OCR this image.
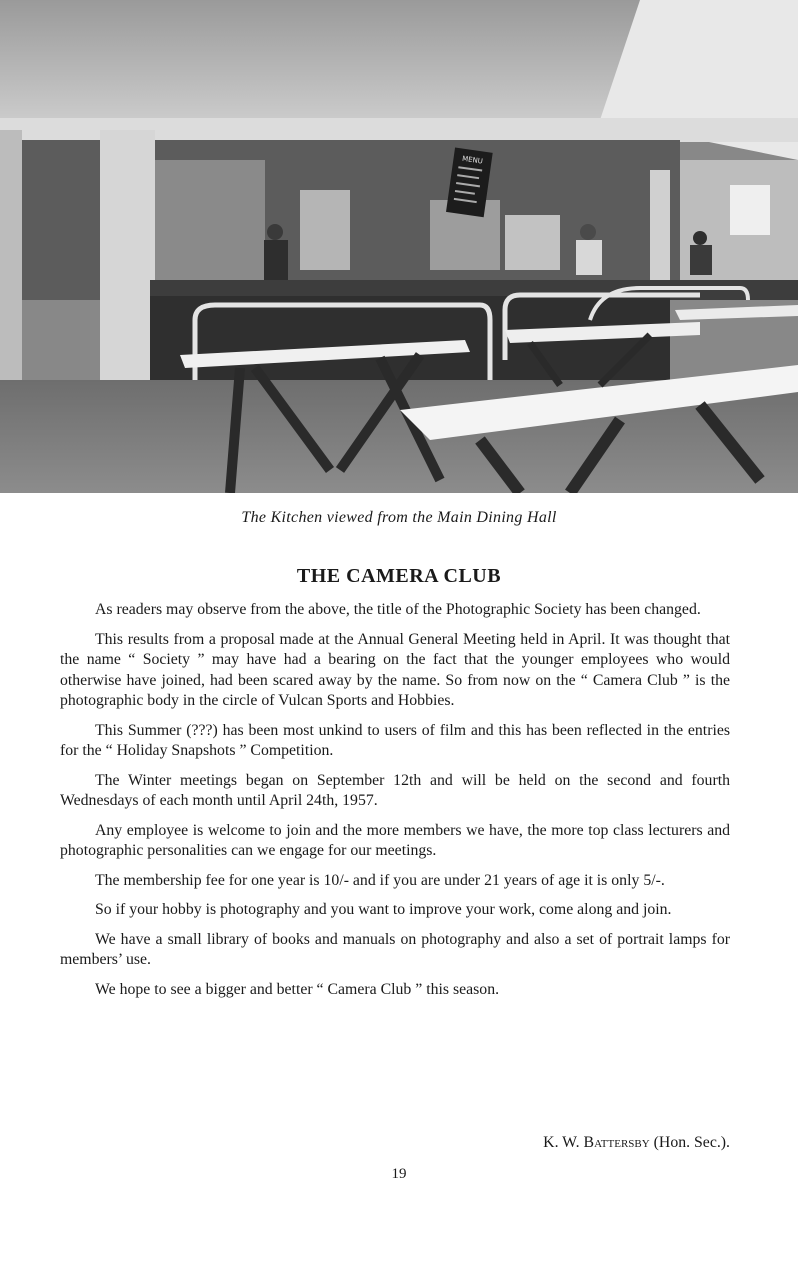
MENU
The Kitchen viewed from the Main Dining Hall
THE CAMERA CLUB

As readers may observe from the above, the title of the Photographic Society has been changed.

This results from a proposal made at the Annual General Meeting held in April. It was thought that the name “ Society ” may have had a bearing on the fact that the younger employees who would otherwise have joined, had been scared away by the name. So from now on the “ Camera Club ” is the photographic body in the circle of Vulcan Sports and Hobbies.

This Summer (???) has been most unkind to users of film and this has been reflected in the entries for the “ Holiday Snapshots ” Competition.

The Winter meetings began on September 12th and will be held on the second and fourth Wednesdays of each month until April 24th, 1957.

Any employee is welcome to join and the more members we have, the more top class lecturers and photographic personalities can we engage for our meetings.

The membership fee for one year is 10/- and if you are under 21 years of age it is only 5/-.

So if your hobby is photography and you want to improve your work, come along and join.

We have a small library of books and manuals on photography and also a set of portrait lamps for members’ use.

We hope to see a bigger and better “ Camera Club ” this season.

K. W. Battersby (Hon. Sec.).
19
